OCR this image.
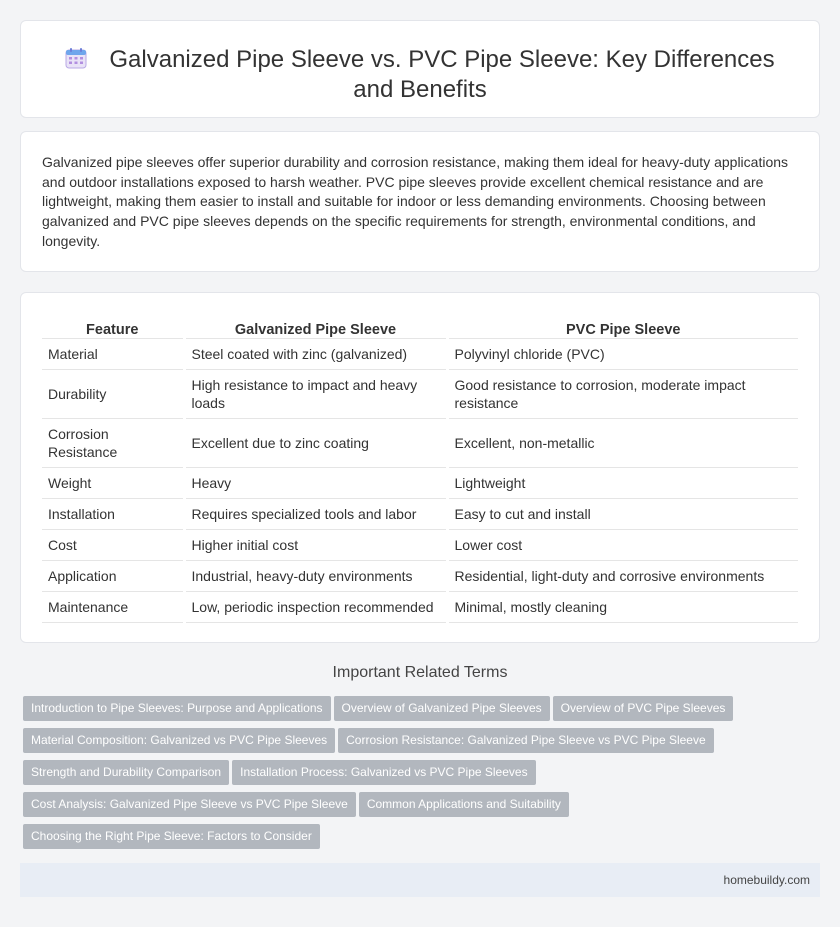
Galvanized Pipe Sleeve vs. PVC Pipe Sleeve: Key Differences and Benefits

Galvanized pipe sleeves offer superior durability and corrosion resistance, making them ideal for heavy-duty applications and outdoor installations exposed to harsh weather. PVC pipe sleeves provide excellent chemical resistance and are lightweight, making them easier to install and suitable for indoor or less demanding environments. Choosing between galvanized and PVC pipe sleeves depends on the specific requirements for strength, environmental conditions, and longevity.

Feature	Galvanized Pipe Sleeve	PVC Pipe Sleeve
Material	Steel coated with zinc (galvanized)	Polyvinyl chloride (PVC)
Durability	High resistance to impact and heavy loads	Good resistance to corrosion, moderate impact resistance
Corrosion Resistance	Excellent due to zinc coating	Excellent, non-metallic
Weight	Heavy	Lightweight
Installation	Requires specialized tools and labor	Easy to cut and install
Cost	Higher initial cost	Lower cost
Application	Industrial, heavy-duty environments	Residential, light-duty and corrosive environments
Maintenance	Low, periodic inspection recommended	Minimal, mostly cleaning
Important Related Terms
Introduction to Pipe Sleeves: Purpose and Applications Overview of Galvanized Pipe Sleeves Overview of PVC Pipe Sleeves
Material Composition: Galvanized vs PVC Pipe Sleeves Corrosion Resistance: Galvanized Pipe Sleeve vs PVC Pipe Sleeve
Strength and Durability Comparison Installation Process: Galvanized vs PVC Pipe Sleeves
Cost Analysis: Galvanized Pipe Sleeve vs PVC Pipe Sleeve Common Applications and Suitability
Choosing the Right Pipe Sleeve: Factors to Consider
homebuildy.com
